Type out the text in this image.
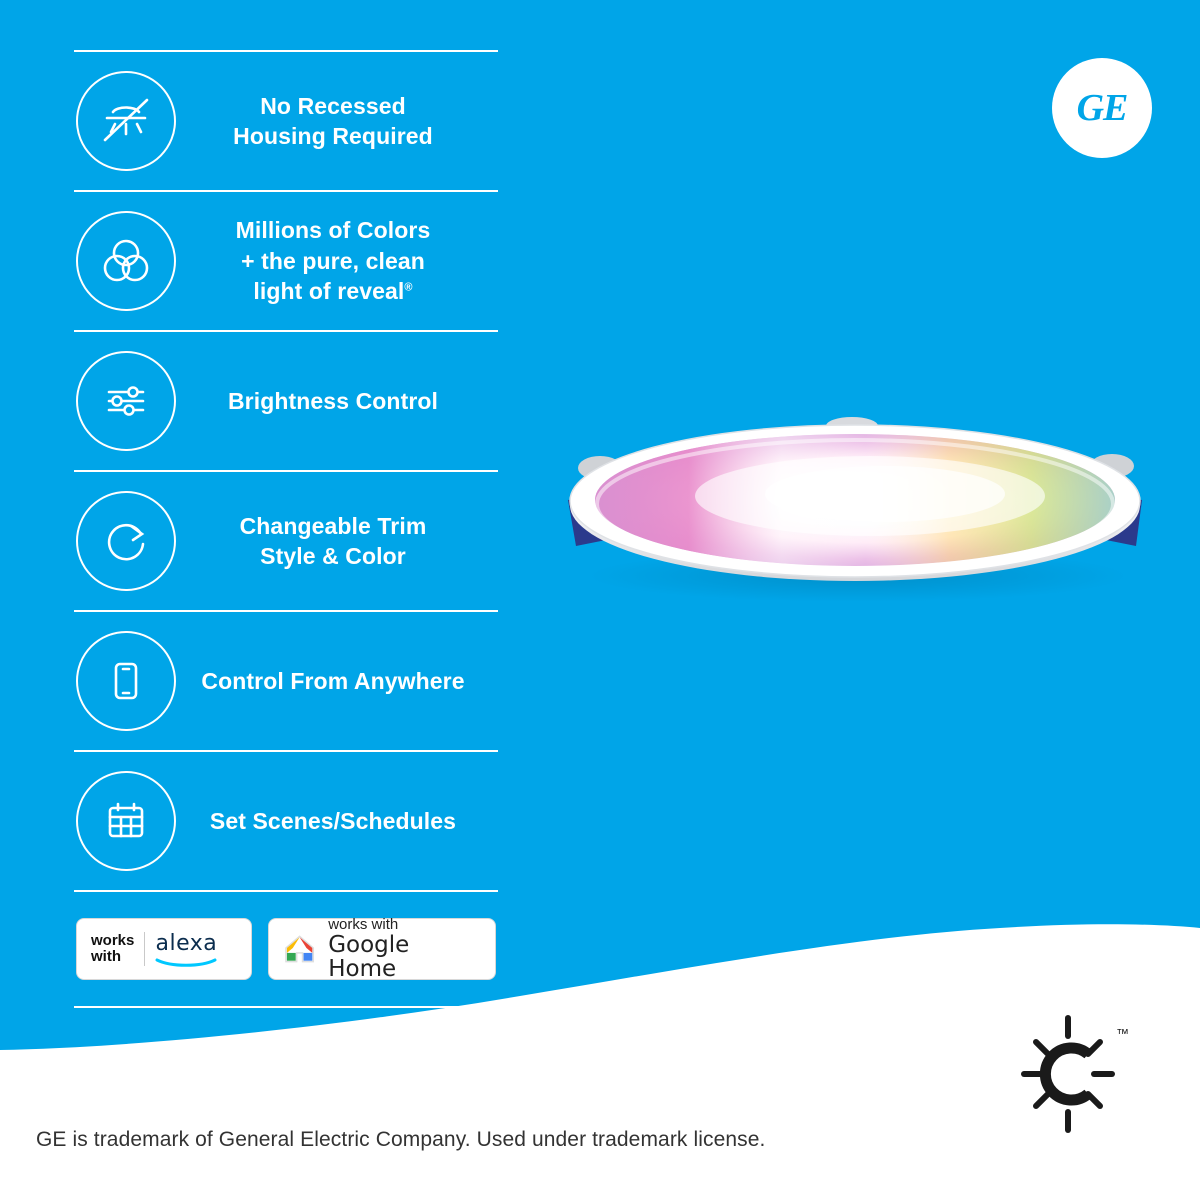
GE
No Recessed
Housing Required
Millions of Colors
+ the pure, clean
light of reveal®
Brightness Control
Changeable Trim
Style & Color
Control From Anywhere
Set Scenes/Schedules
works
with
alexa
works with
Google Home
™
GE is trademark of General Electric Company. Used under trademark license.
